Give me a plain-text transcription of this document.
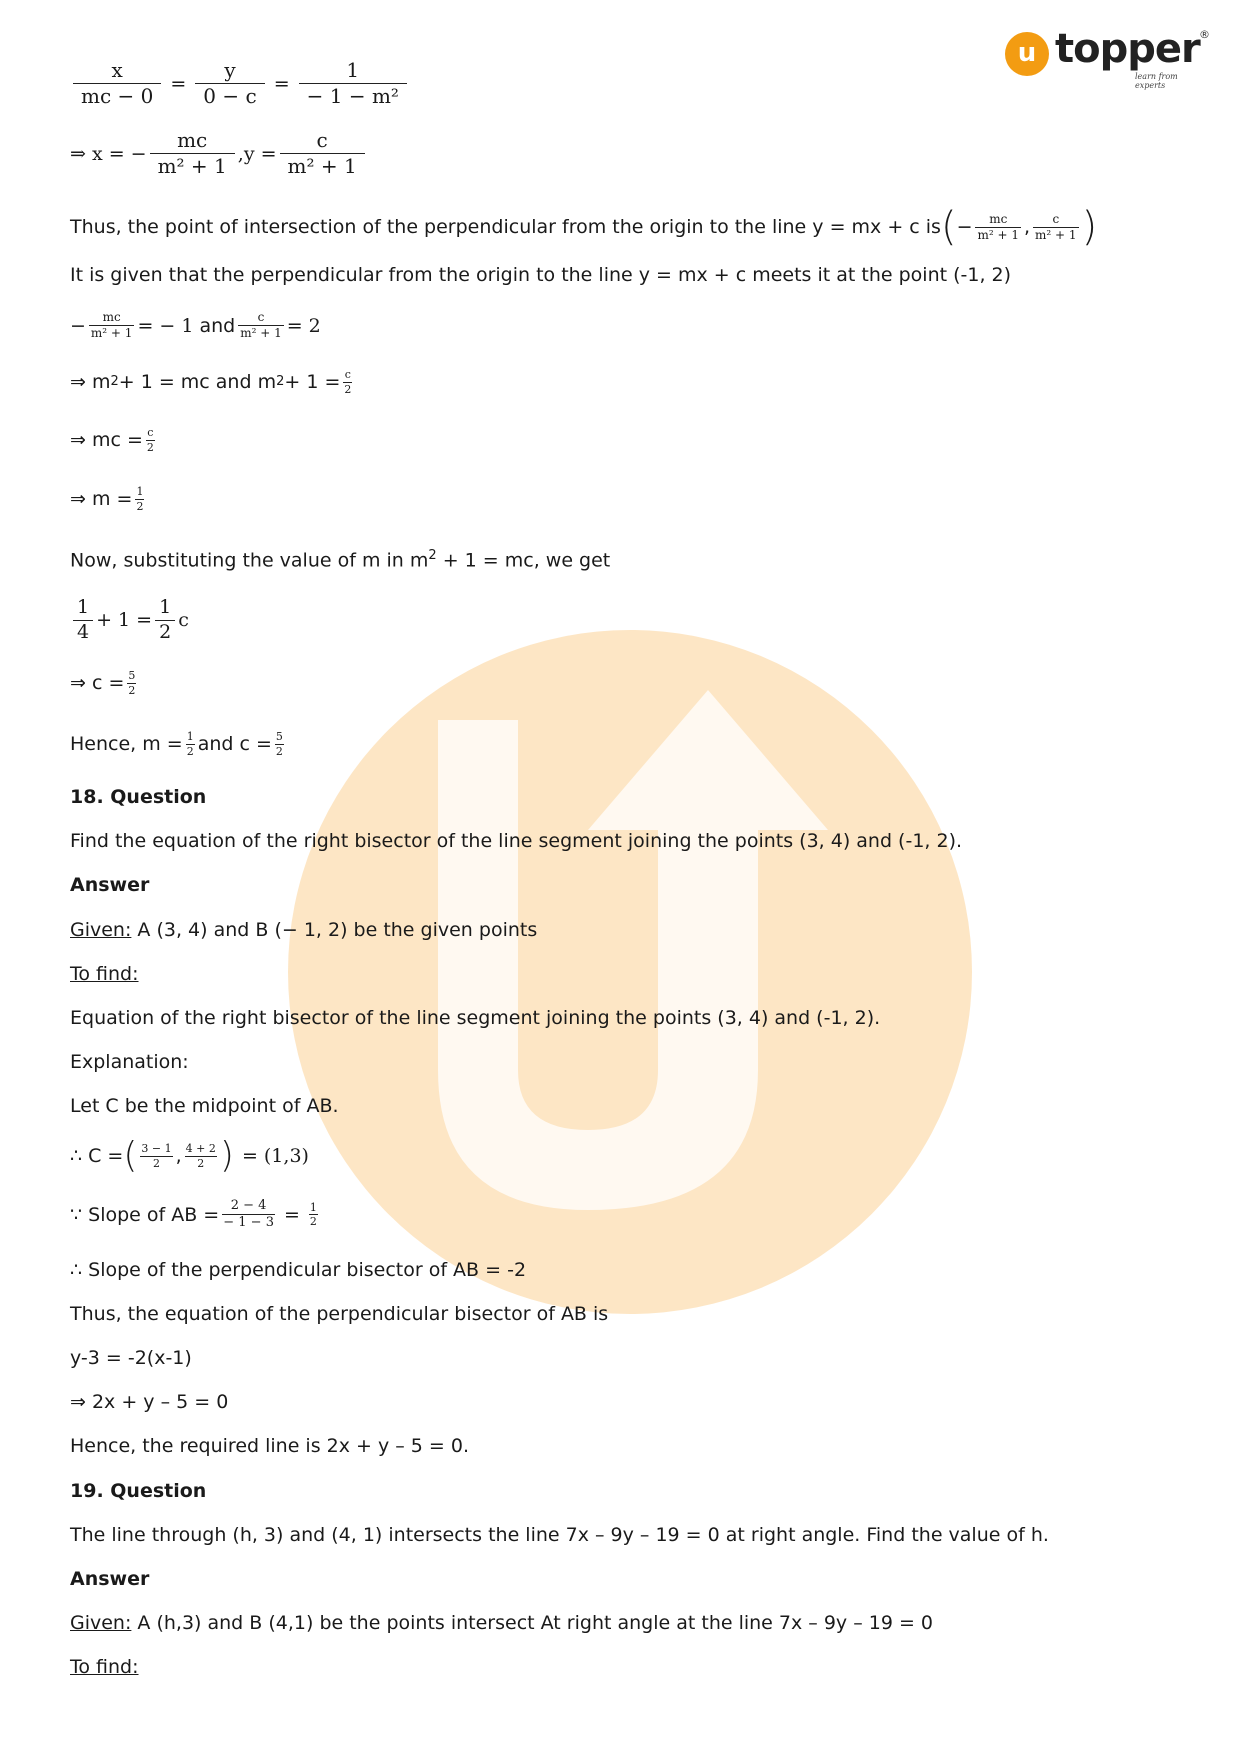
u topper
learn from experts
®
$\frac{x}{mc - 0} = \frac{y}{0 - c} = \frac{1}{\text{− 1 − m²}}$
⇒ x = − $\frac{mc}{\text{m² + 1}} ,y = \frac{c}{\text{m² + 1}}$
Thus, the point of intersection of the perpendicular from the origin to the line y = mx + c is ( − $\frac{mc}{\text{m² + 1}}$ , $\frac{c}{\text{m² + 1}}$ )
It is given that the perpendicular from the origin to the line y = mx + c meets it at the point (-1, 2)
− $\frac{mc}{\text{m² + 1}}$ = − 1 and $\frac{c}{\text{m² + 1}} = 2$
⇒ m 2 + 1 = mc and m $2 + 1 = \frac{c}{2}$
⇒ mc = $\frac{c}{2}$
⇒ $m = \frac{1}{2}$
Now, substituting the value of m in $m^2 + 1$ = mc, we get
$\frac{1}{4} + 1 = \frac{1}{2}$ c
⇒ $c = \frac{5}{2}$
Hence, $m = \frac{1}{2}$ and $c = \frac{5}{2}$
18. Question
Find the equation of the right bisector of the line segment joining the points (3, 4) and (-1, 2).
Answer
Given: A (3, 4) and B (− 1, 2) be the given points
To find:
Equation of the right bisector of the line segment joining the points (3, 4) and (-1, 2).
Explanation:
Let C be the midpoint of AB.
∴ C = ( $\frac{3 - 1}{2}$ , $\frac{4 + 2}{2}$ ) = (1,3)
∵ Slope of AB = $\frac{2 - 4}{- 1 - 3} = \frac{1}{2}$
∴ Slope of the perpendicular bisector of AB = -2
Thus, the equation of the perpendicular bisector of AB is
y-3 = -2(x-1)
⇒ 2x + y – 5 = 0
Hence, the required line is 2x + y – 5 = 0.
19. Question
The line through (h, 3) and (4, 1) intersects the line 7x – 9y – 19 = 0 at right angle. Find the value of h.
Answer
Given: A (h,3) and B (4,1) be the points intersect At right angle at the line 7x – 9y – 19 = 0
To find:
